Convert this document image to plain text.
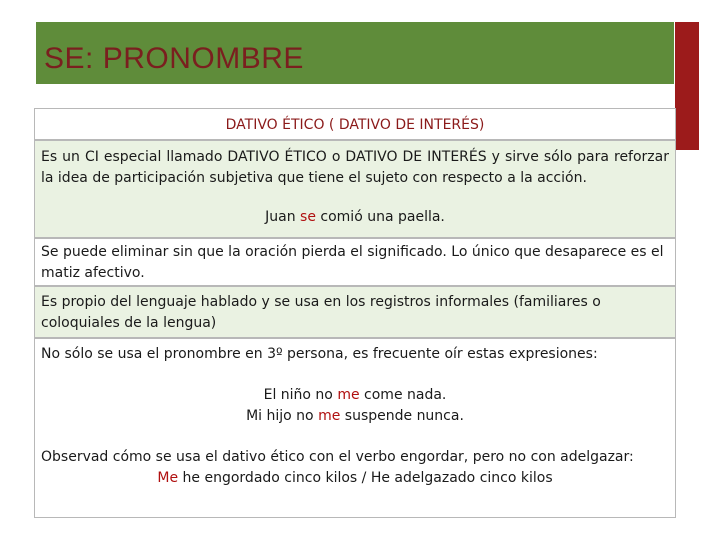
SE: PRONOMBRE
DATIVO ÉTICO ( DATIVO DE INTERÉS)

Es un CI especial llamado DATIVO ÉTICO o DATIVO DE INTERÉS y sirve sólo para reforzar la idea de participación subjetiva que tiene el sujeto con respecto a la acción.

Juan se comió una paella.

Se puede eliminar sin que la oración pierda el significado. Lo único que desaparece es el matiz afectivo.

Es propio del lenguaje hablado y se usa en los registros informales (familiares o coloquiales de la lengua)

No sólo se usa el pronombre en 3º persona, es frecuente oír estas expresiones:

El niño no me come nada.

Mi hijo no me suspende nunca.

Observad cómo se usa el dativo ético con el verbo engordar, pero no con adelgazar:

Me he engordado cinco kilos / He adelgazado cinco kilos
